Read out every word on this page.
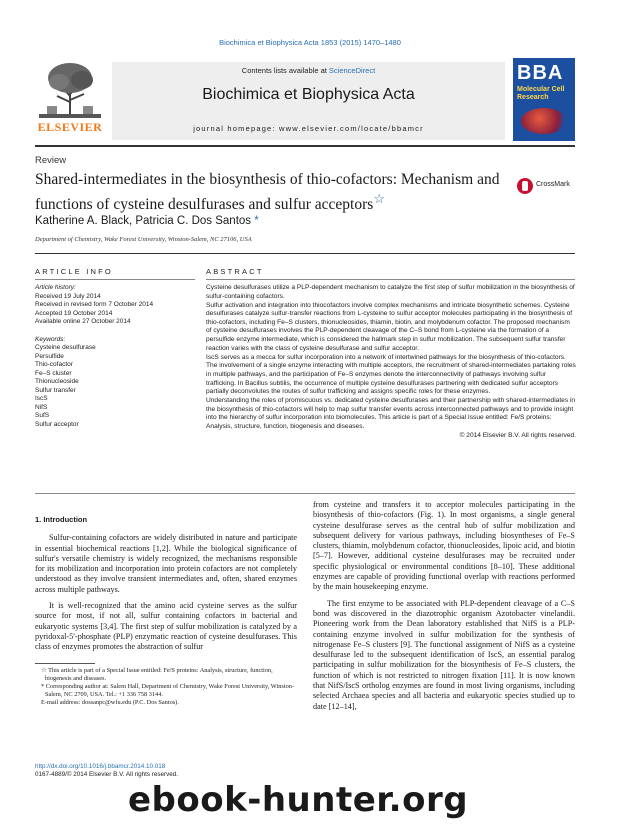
Biochimica et Biophysica Acta 1853 (2015) 1470–1480
ELSEVIER
Contents lists available at ScienceDirect
Biochimica et Biophysica Acta
journal homepage: www.elsevier.com/locate/bbamcr
BBA
Molecular Cell Research
Review
Shared-intermediates in the biosynthesis of thio-cofactors: Mechanism and functions of cysteine desulfurases and sulfur acceptors☆
CrossMark
Katherine A. Black, Patricia C. Dos Santos *
Department of Chemistry, Wake Forest University, Winston-Salem, NC 27106, USA
ARTICLE INFO	ABSTRACT
Article history:
Received 19 July 2014
Received in revised form 7 October 2014
Accepted 19 October 2014
Available online 27 October 2014
Keywords:
Cysteine desulfurase
Persulfide
Thio-cofactor
Fe–S cluster
Thionucleoside
Sulfur transfer
IscS
NifS
SufS
Sulfur acceptor

Cysteine desulfurases utilize a PLP-dependent mechanism to catalyze the first step of sulfur mobilization in the biosynthesis of sulfur-containing cofactors.

Sulfur activation and integration into thiocofactors involve complex mechanisms and intricate biosynthetic schemes. Cysteine desulfurases catalyze sulfur-transfer reactions from L-cysteine to sulfur acceptor molecules participating in the biosynthesis of thio-cofactors, including Fe–S clusters, thionucleosides, thiamin, biotin, and molybdenum cofactor. The proposed mechanism of cysteine desulfurases involves the PLP-dependent cleavage of the C–S bond from L-cysteine via the formation of a persulfide enzyme intermediate, which is considered the hallmark step in sulfur mobilization. The subsequent sulfur transfer reaction varies with the class of cysteine desulfurase and sulfur acceptor.

IscS serves as a mecca for sulfur incorporation into a network of intertwined pathways for the biosynthesis of thio-cofactors. The involvement of a single enzyme interacting with multiple acceptors, the recruitment of shared-intermediates partaking roles in multiple pathways, and the participation of Fe–S enzymes denote the interconnectivity of pathways involving sulfur trafficking. In Bacillus subtilis, the occurrence of multiple cysteine desulfurases partnering with dedicated sulfur acceptors partially deconvolutes the routes of sulfur trafficking and assigns specific roles for these enzymes.

Understanding the roles of promiscuous vs. dedicated cysteine desulfurases and their partnership with shared-intermediates in the biosynthesis of thio-cofactors will help to map sulfur transfer events across interconnected pathways and to provide insight into the hierarchy of sulfur incorporation into biomolecules. This article is part of a Special Issue entitled: Fe/S proteins: Analysis, structure, function, biogenesis and diseases.

© 2014 Elsevier B.V. All rights reserved.
1. Introduction

Sulfur-containing cofactors are widely distributed in nature and participate in essential biochemical reactions [1,2]. While the biological significance of sulfur's versatile chemistry is widely recognized, the mechanisms responsible for its mobilization and incorporation into protein cofactors are not completely understood as they involve transient intermediates and, often, shared enzymes across multiple pathways.

It is well-recognized that the amino acid cysteine serves as the sulfur source for most, if not all, sulfur containing cofactors in bacterial and eukaryotic systems [3,4]. The first step of sulfur mobilization is catalyzed by a pyridoxal-5′-phosphate (PLP) enzymatic reaction of cysteine desulfurases. This class of enzymes promotes the abstraction of sulfur

from cysteine and transfers it to acceptor molecules participating in the biosynthesis of thio-cofactors (Fig. 1). In most organisms, a single general cysteine desulfurase serves as the central hub of sulfur mobilization and subsequent delivery for various pathways, including biosyntheses of Fe–S clusters, thiamin, molybdenum cofactor, thionucleosides, lipoic acid, and biotin [5–7]. However, additional cysteine desulfurases may be recruited under specific physiological or environmental conditions [8–10]. These additional enzymes are capable of providing functional overlap with reactions performed by the main housekeeping enzyme.

The first enzyme to be associated with PLP-dependent cleavage of a C–S bond was discovered in the diazotrophic organism Azotobacter vinelandii. Pioneering work from the Dean laboratory established that NifS is a PLP-containing enzyme involved in sulfur mobilization for the synthesis of nitrogenase Fe–S clusters [9]. The functional assignment of NifS as a cysteine desulfurase led to the subsequent identification of IscS, an essential paralog participating in sulfur mobilization for the biosynthesis of Fe–S clusters, the function of which is not restricted to nitrogen fixation [11]. It is now known that NifS/IscS ortholog enzymes are found in most living organisms, including selected Archaea species and all bacteria and eukaryotic species studied up to date [12–14],

☆ This article is part of a Special Issue entitled: Fe/S proteins: Analysis, structure, function, biogenesis and diseases.

* Corresponding author at: Salem Hall, Department of Chemistry, Wake Forest University, Winston-Salem, NC 2709, USA. Tel.: +1 336 758 3144.

E-mail address: dossanpc@wfu.edu (P.C. Dos Santos).

http://dx.doi.org/10.1016/j.bbamcr.2014.10.018
0167-4889/© 2014 Elsevier B.V. All rights reserved.
ebook-hunter.org
